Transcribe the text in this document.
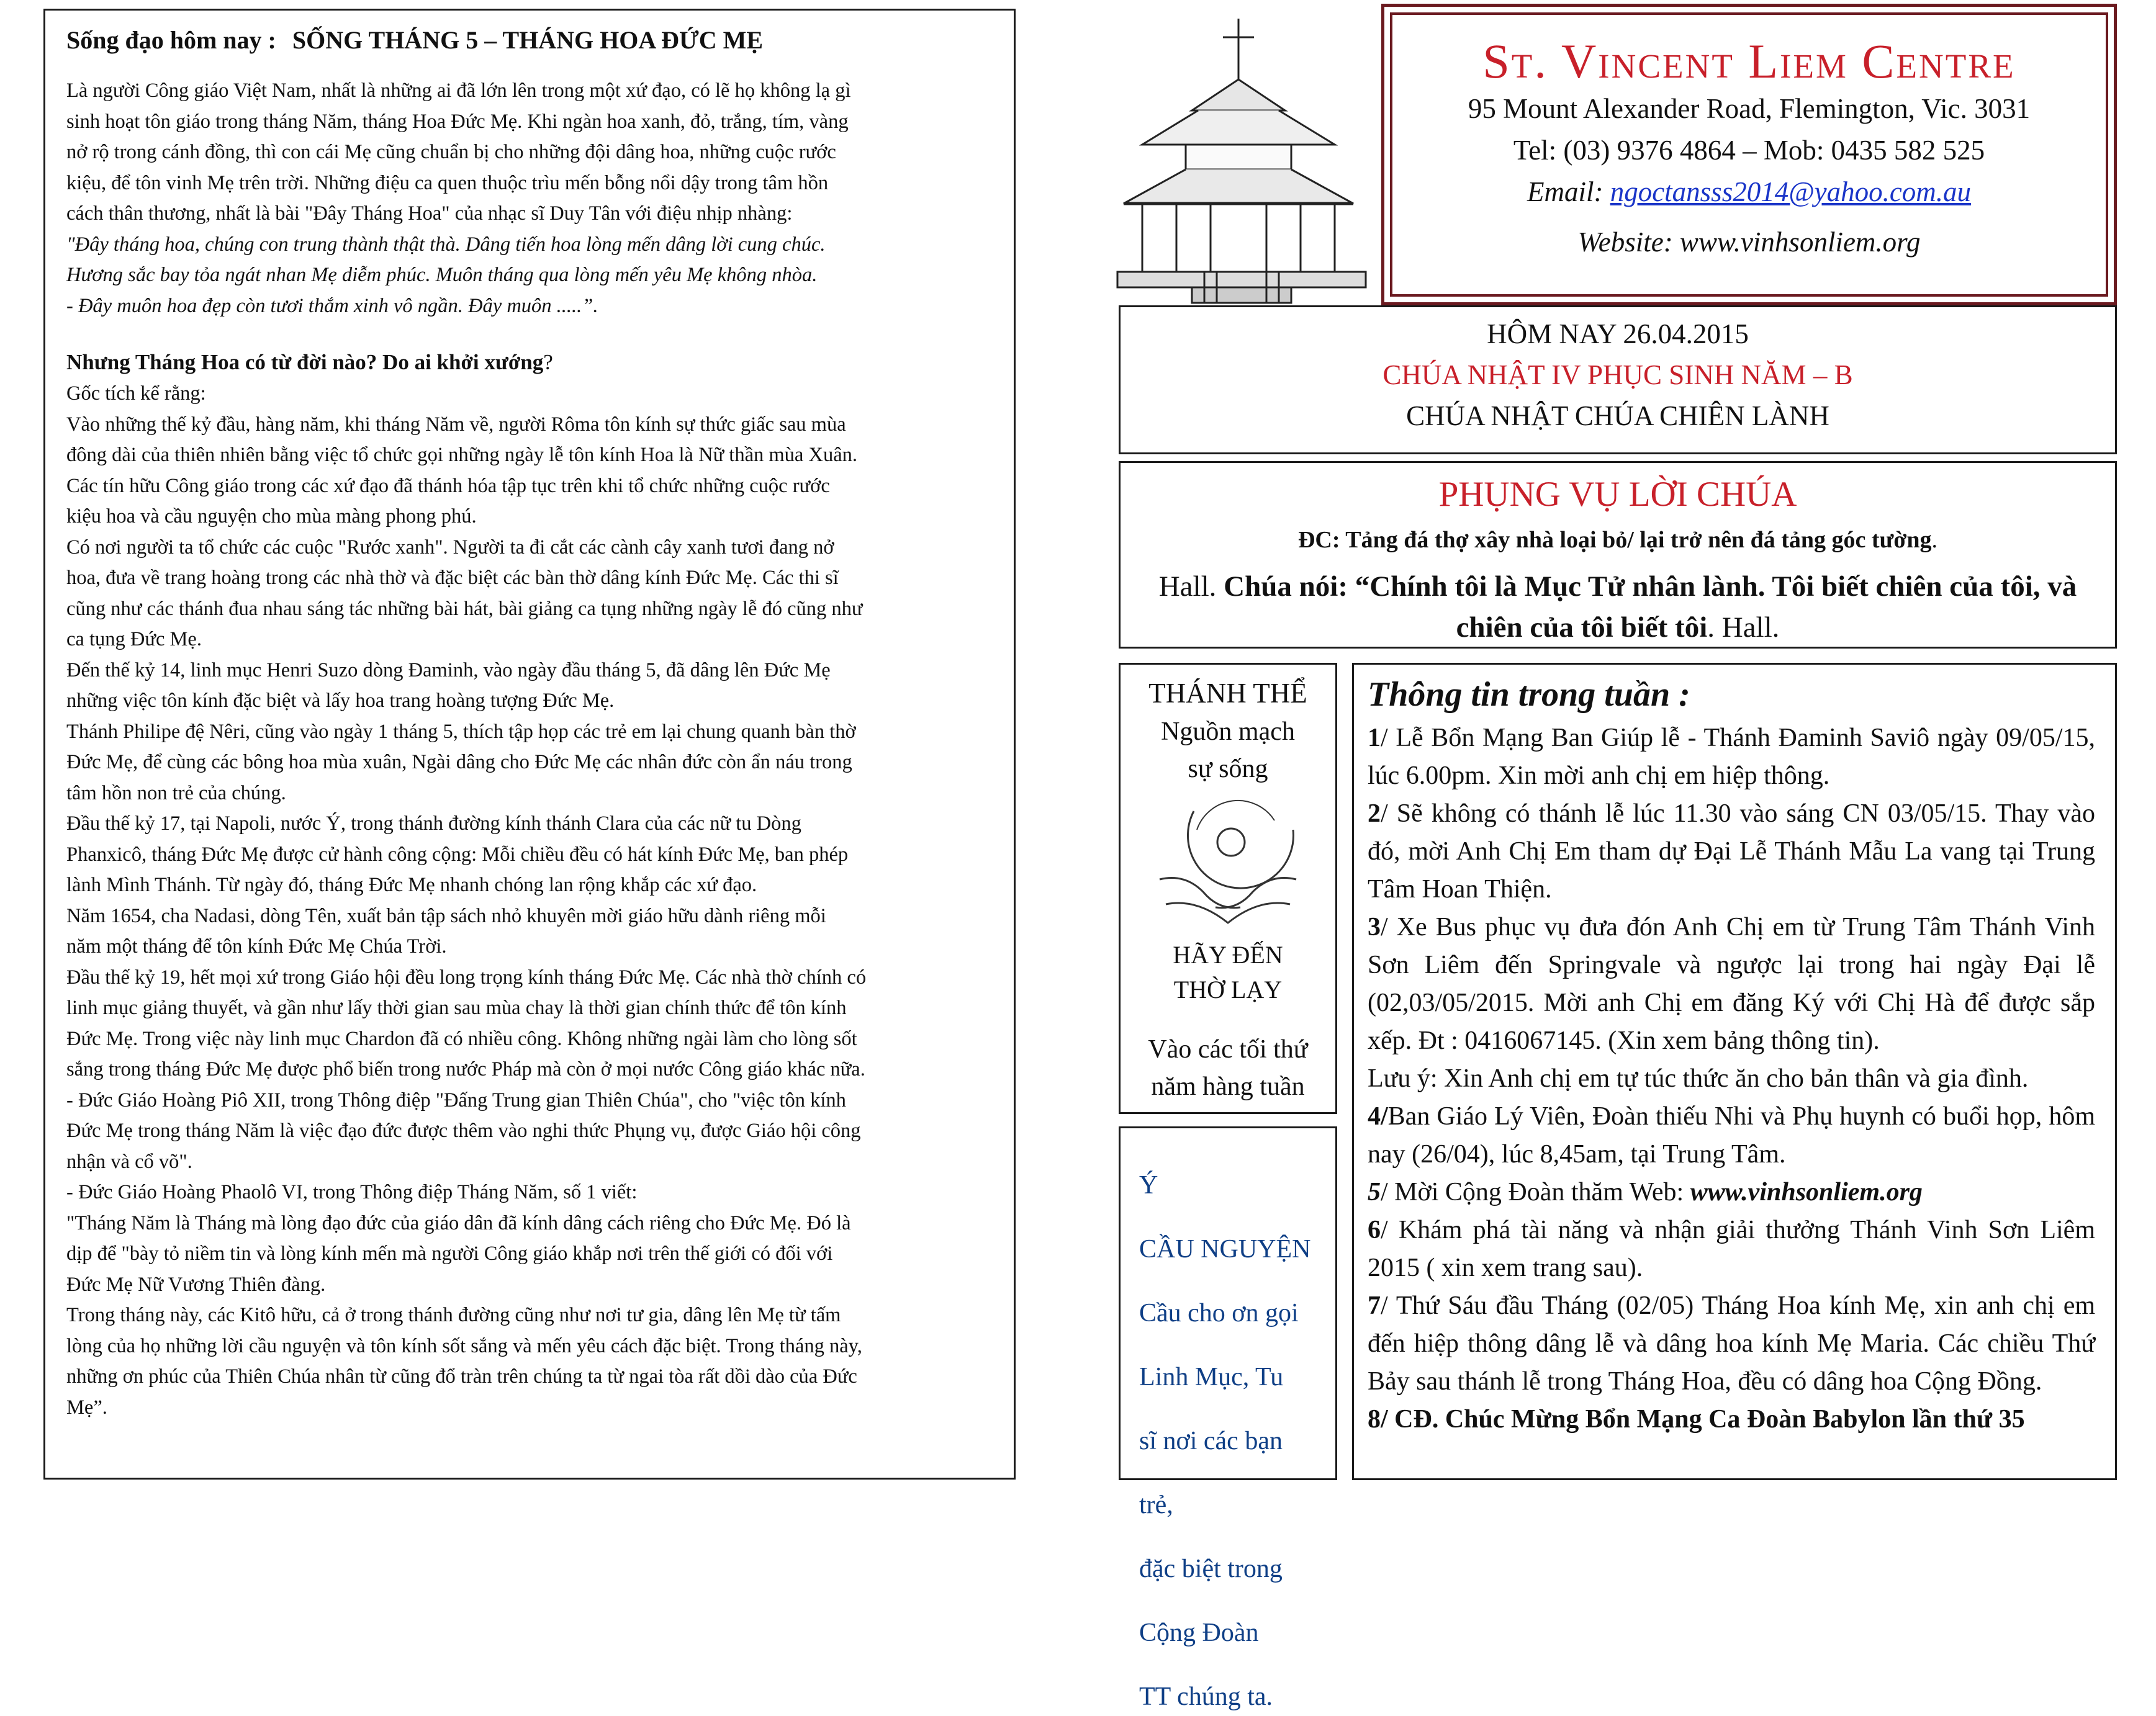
Sống đạo hôm nay : SỐNG THÁNG 5 – THÁNG HOA ĐỨC MẸ

Là người Công giáo Việt Nam, nhất là những ai đã lớn lên trong một xứ đạo, có lẽ họ không lạ gì

sinh hoạt tôn giáo trong tháng Năm, tháng Hoa Đức Mẹ. Khi ngàn hoa xanh, đỏ, trắng, tím, vàng

nở rộ trong cánh đồng, thì con cái Mẹ cũng chuẩn bị cho những đội dâng hoa, những cuộc rước

kiệu, để tôn vinh Mẹ trên trời. Những điệu ca quen thuộc trìu mến bỗng nổi dậy trong tâm hồn

cách thân thương, nhất là bài "Đây Tháng Hoa" của nhạc sĩ Duy Tân với điệu nhịp nhàng:

"Đây tháng hoa, chúng con trung thành thật thà. Dâng tiến hoa lòng mến dâng lời cung chúc.

Hương sắc bay tỏa ngát nhan Mẹ diễm phúc. Muôn tháng qua lòng mến yêu Mẹ không nhòa.

- Đây muôn hoa đẹp còn tươi thắm xinh vô ngần. Đây muôn .....”.

Nhưng Tháng Hoa có từ đời nào? Do ai khởi xướng?

Gốc tích kể rằng:

Vào những thế kỷ đầu, hàng năm, khi tháng Năm về, người Rôma tôn kính sự thức giấc sau mùa

đông dài của thiên nhiên bằng việc tổ chức gọi những ngày lễ tôn kính Hoa là Nữ thần mùa Xuân.

Các tín hữu Công giáo trong các xứ đạo đã thánh hóa tập tục trên khi tổ chức những cuộc rước

kiệu hoa và cầu nguyện cho mùa màng phong phú.

Có nơi người ta tổ chức các cuộc "Rước xanh". Người ta đi cắt các cành cây xanh tươi đang nở

hoa, đưa về trang hoàng trong các nhà thờ và đặc biệt các bàn thờ dâng kính Đức Mẹ. Các thi sĩ

cũng như các thánh đua nhau sáng tác những bài hát, bài giảng ca tụng những ngày lễ đó cũng như

ca tụng Đức Mẹ.

Đến thế kỷ 14, linh mục Henri Suzo dòng Đaminh, vào ngày đầu tháng 5, đã dâng lên Đức Mẹ

những việc tôn kính đặc biệt và lấy hoa trang hoàng tượng Đức Mẹ.

Thánh Philipe đệ Nêri, cũng vào ngày 1 tháng 5, thích tập họp các trẻ em lại chung quanh bàn thờ

Đức Mẹ, để cùng các bông hoa mùa xuân, Ngài dâng cho Đức Mẹ các nhân đức còn ẩn náu trong

tâm hồn non trẻ của chúng.

Đầu thế kỷ 17, tại Napoli, nước Ý, trong thánh đường kính thánh Clara của các nữ tu Dòng

Phanxicô, tháng Đức Mẹ được cử hành công cộng: Mỗi chiều đều có hát kính Đức Mẹ, ban phép

lành Mình Thánh. Từ ngày đó, tháng Đức Mẹ nhanh chóng lan rộng khắp các xứ đạo.

Năm 1654, cha Nadasi, dòng Tên, xuất bản tập sách nhỏ khuyên mời giáo hữu dành riêng mỗi

năm một tháng để tôn kính Đức Mẹ Chúa Trời.

Đầu thế kỷ 19, hết mọi xứ trong Giáo hội đều long trọng kính tháng Đức Mẹ. Các nhà thờ chính có

linh mục giảng thuyết, và gần như lấy thời gian sau mùa chay là thời gian chính thức để tôn kính

Đức Mẹ. Trong việc này linh mục Chardon đã có nhiều công. Không những ngài làm cho lòng sốt

sắng trong tháng Đức Mẹ được phổ biến trong nước Pháp mà còn ở mọi nước Công giáo khác nữa.

- Đức Giáo Hoàng Piô XII, trong Thông điệp "Đấng Trung gian Thiên Chúa", cho "việc tôn kính

Đức Mẹ trong tháng Năm là việc đạo đức được thêm vào nghi thức Phụng vụ, được Giáo hội công

nhận và cổ võ".

- Đức Giáo Hoàng Phaolô VI, trong Thông điệp Tháng Năm, số 1 viết:

"Tháng Năm là Tháng mà lòng đạo đức của giáo dân đã kính dâng cách riêng cho Đức Mẹ. Đó là

dịp để "bày tỏ niềm tin và lòng kính mến mà người Công giáo khắp nơi trên thế giới có đối với

Đức Mẹ Nữ Vương Thiên đàng.

Trong tháng này, các Kitô hữu, cả ở trong thánh đường cũng như nơi tư gia, dâng lên Mẹ từ tấm

lòng của họ những lời cầu nguyện và tôn kính sốt sắng và mến yêu cách đặc biệt. Trong tháng này,

những ơn phúc của Thiên Chúa nhân từ cũng đổ tràn trên chúng ta từ ngai tòa rất dồi dào của Đức

Mẹ”.

St. Vincent Liem Centre
95 Mount Alexander Road, Flemington, Vic. 3031
Tel: (03) 9376 4864 – Mob: 0435 582 525
Email: ngoctansss2014@yahoo.com.au
Website: www.vinhsonliem.org
HÔM NAY 26.04.2015
CHÚA NHẬT IV PHỤC SINH NĂM – B
CHÚA NHẬT CHÚA CHIÊN LÀNH
PHỤNG VỤ LỜI CHÚA
ĐC: Tảng đá thợ xây nhà loại bỏ/ lại trở nên đá tảng góc tường.
Hall. Chúa nói: “Chính tôi là Mục Tử nhân lành. Tôi biết chiên của tôi, và chiên của tôi biết tôi. Hall.
THÁNH THỂ
Nguồn mạch
sự sống
HÃY ĐẾN
THỜ LẠY
Vào các tối thứ
năm hàng tuần

Ý

CẦU NGUYỆN

Cầu cho ơn gọi

Linh Mục, Tu

sĩ nơi các bạn

trẻ,

đặc biệt trong

Cộng Đoàn

TT chúng ta.

Thông tin trong tuần :

1/ Lễ Bổn Mạng Ban Giúp lễ - Thánh Đaminh Saviô ngày 09/05/15, lúc 6.00pm. Xin mời anh chị em hiệp thông.

2/ Sẽ không có thánh lễ lúc 11.30 vào sáng CN 03/05/15. Thay vào đó, mời Anh Chị Em tham dự Đại Lễ Thánh Mẫu La vang tại Trung Tâm Hoan Thiện.

3/ Xe Bus phục vụ đưa đón Anh Chị em từ Trung Tâm Thánh Vinh Sơn Liêm đến Springvale và ngược lại trong hai ngày Đại lễ (02,03/05/2015. Mời anh Chị em đăng Ký với Chị Hà để được sắp xếp. Đt : 0416067145. (Xin xem bảng thông tin).

Lưu ý: Xin Anh chị em tự túc thức ăn cho bản thân và gia đình.

4/Ban Giáo Lý Viên, Đoàn thiếu Nhi và Phụ huynh có buổi họp, hôm nay (26/04), lúc 8,45am, tại Trung Tâm.

5/ Mời Cộng Đoàn thăm Web: www.vinhsonliem.org

6/ Khám phá tài năng và nhận giải thưởng Thánh Vinh Sơn Liêm 2015 ( xin xem trang sau).

7/ Thứ Sáu đầu Tháng (02/05) Tháng Hoa kính Mẹ, xin anh chị em đến hiệp thông dâng lễ và dâng hoa kính Mẹ Maria. Các chiều Thứ Bảy sau thánh lễ trong Tháng Hoa, đều có dâng hoa Cộng Đồng.

8/ CĐ. Chúc Mừng Bổn Mạng Ca Đoàn Babylon lần thứ 35
